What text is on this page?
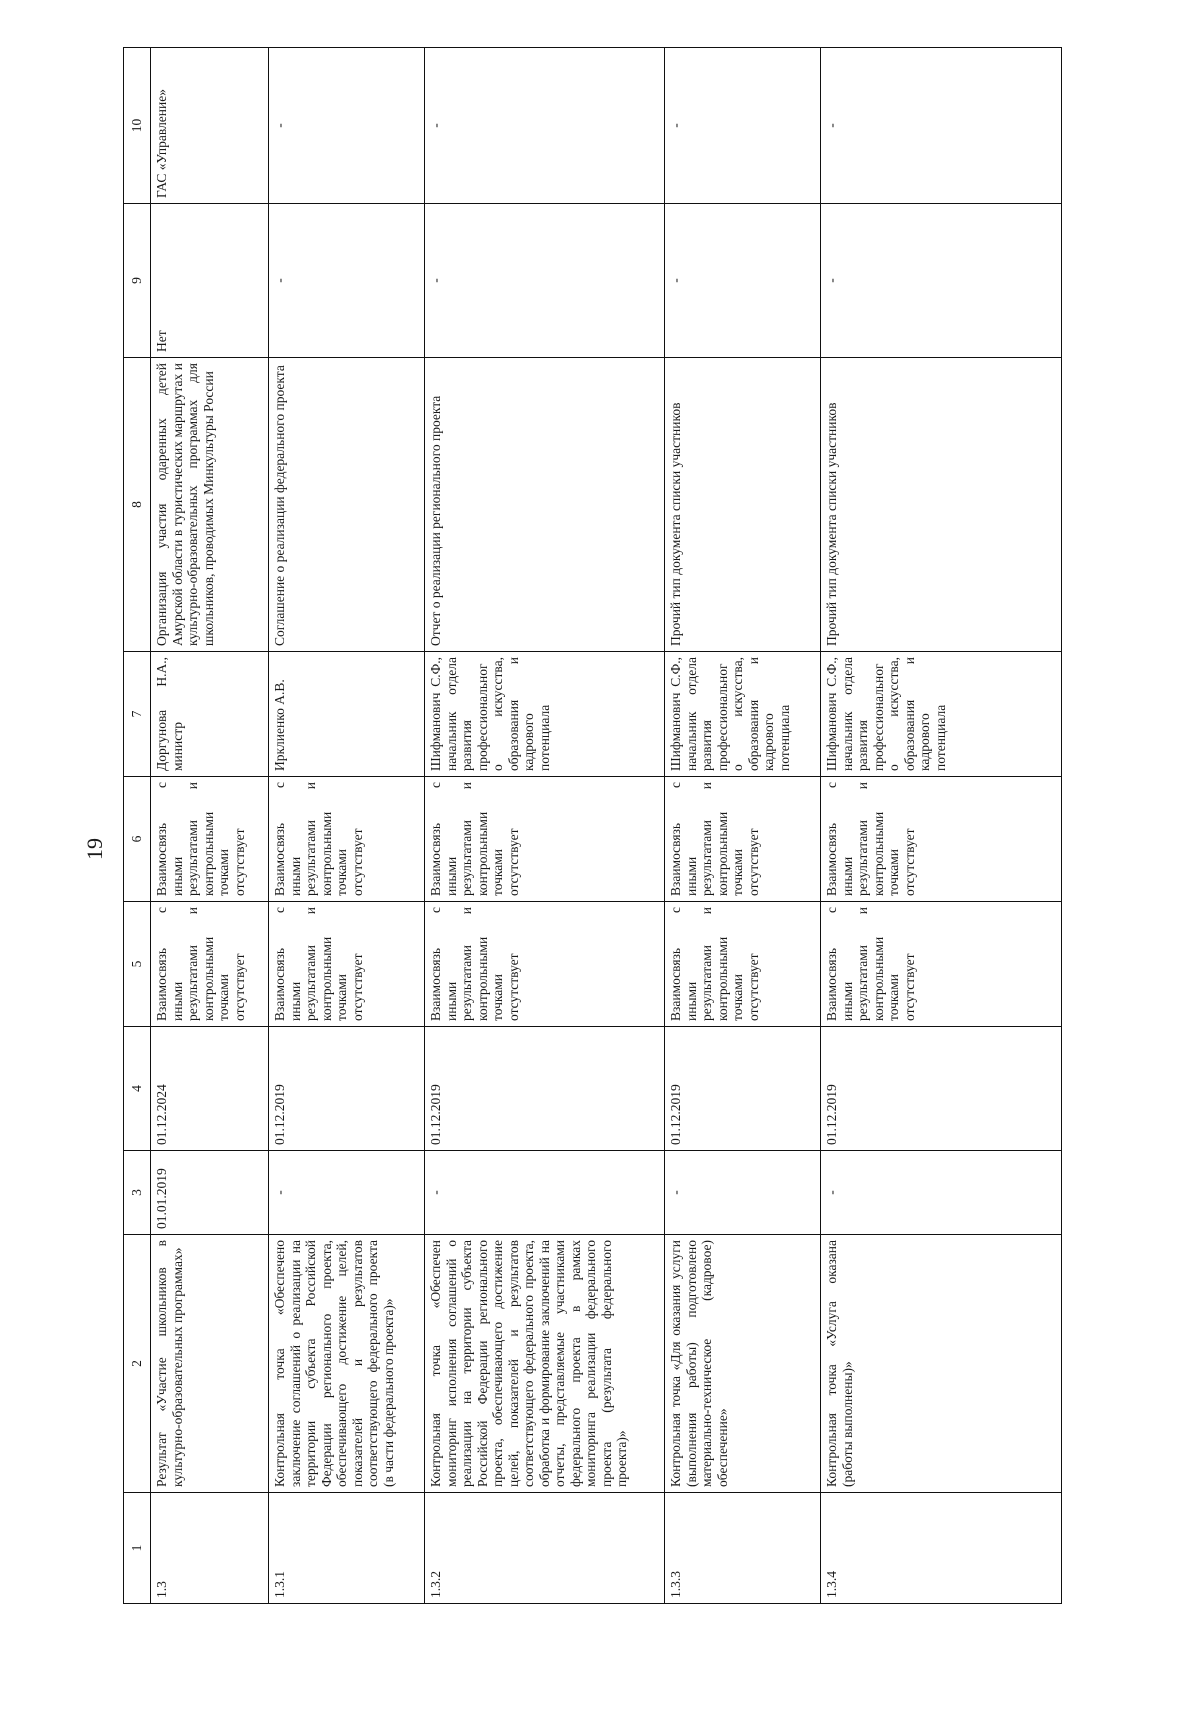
19
1	2	3	4	5	6	7	8	9	10
1.3	Результат «Участие школьников в культурно-образовательных программах»	01.01.2019	01.12.2024	Взаимосвязь с иными результатами и контрольными точками отсутствует	Взаимосвязь с иными результатами и контрольными точками отсутствует	Доргунова Н.А., министр	Организация участия одаренных детей Амурской области в туристических маршрутах и культурно-образовательных программах для школьников, проводимых Минкультуры России	Нет	ГАС «Управление»
1.3.1	Контрольная точка «Обеспечено заключение соглашений о реализации на территории субъекта Российской Федерации регионального проекта, обеспечивающего достижение целей, показателей и результатов соответствующего федерального проекта (в части федерального проекта)»	-	01.12.2019	Взаимосвязь с иными результатами и контрольными точками отсутствует	Взаимосвязь с иными результатами и контрольными точками отсутствует	Ирклиенко А.В.	Соглашение о реализации федерального проекта	-	-
1.3.2	Контрольная точка «Обеспечен мониторинг исполнения соглашений о реализации на территории субъекта Российской Федерации регионального проекта, обеспечивающего достижение целей, показателей и результатов соответствующего федерального проекта, обработка и формирование заключений на отчеты, представляемые участниками федерального проекта в рамках мониторинга реализации федерального проекта (результата федерального проекта)»	-	01.12.2019	Взаимосвязь с иными результатами и контрольными точками отсутствует	Взаимосвязь с иными результатами и контрольными точками отсутствует	Шифманович С.Ф., начальник отдела развития профессиональног о искусства, образования и кадрового потенциала	Отчет о реализации регионального проекта	-	-
1.3.3	Контрольная точка «Для оказания услуги (выполнения работы) подготовлено материально-техническое (кадровое) обеспечение»	-	01.12.2019	Взаимосвязь с иными результатами и контрольными точками отсутствует	Взаимосвязь с иными результатами и контрольными точками отсутствует	Шифманович С.Ф., начальник отдела развития профессиональног о искусства, образования и кадрового потенциала	Прочий тип документа списки участников	-	-
1.3.4	Контрольная точка «Услуга оказана (работы выполнены)»	-	01.12.2019	Взаимосвязь с иными результатами и контрольными точками отсутствует	Взаимосвязь с иными результатами и контрольными точками отсутствует	Шифманович С.Ф., начальник отдела развития профессиональног о искусства, образования и кадрового потенциала	Прочий тип документа списки участников	-	-
